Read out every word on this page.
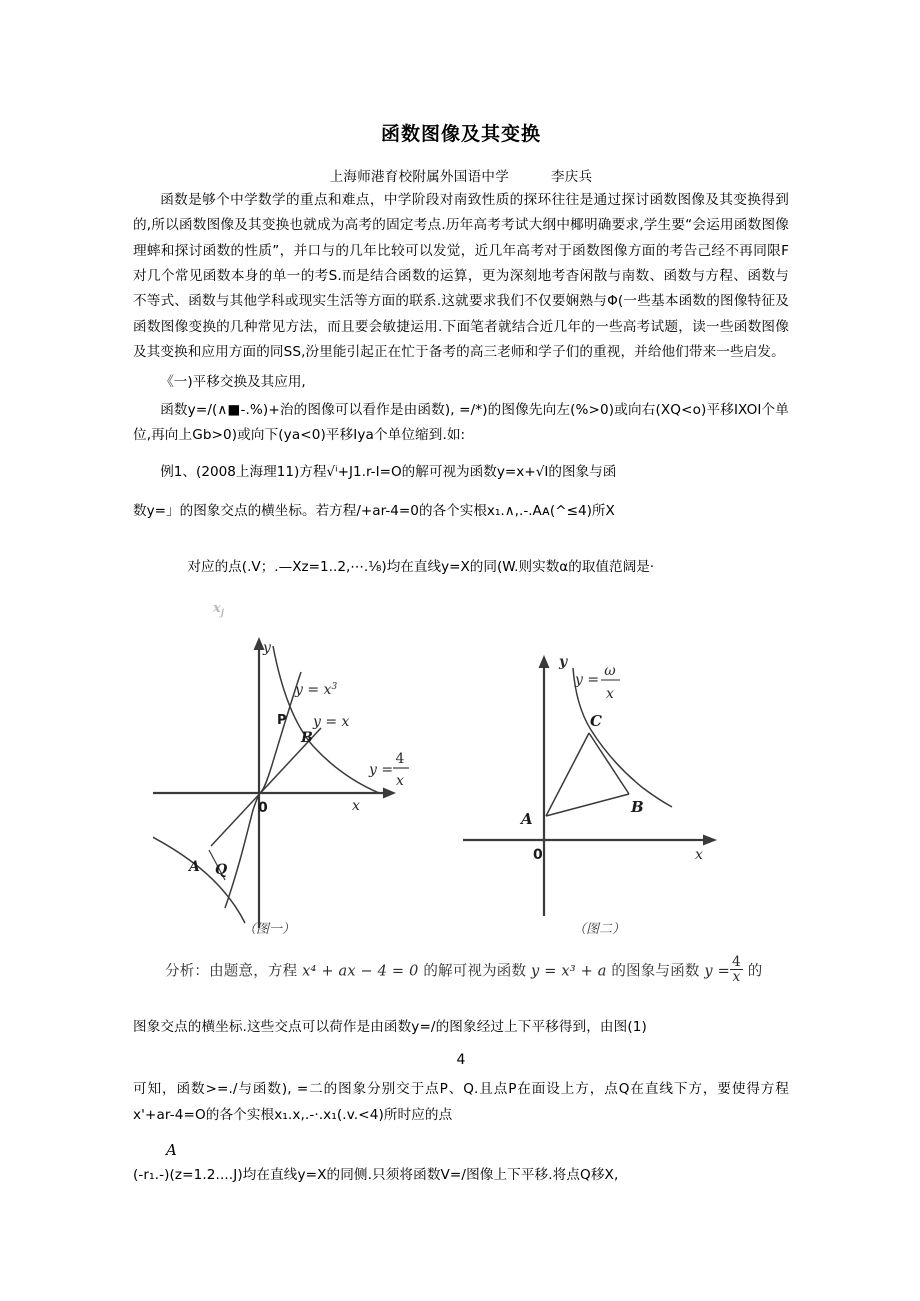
函数图像及其变换
上海师港育校附属外国语中学	李庆兵

函数是够个中学数学的重点和难点，中学阶段对南致性质的探环往往是通过探讨函数图像及其变换得到的,所以函数图像及其变换也就成为高考的固定考点.历年高考考试大纲中椰明确要求,学生要“会运用函数图像理蟀和探讨函数的性质”，并口与的几年比较可以发觉，近几年高考对于函数图像方面的考告己经不再同限F对几个常见函数本身的单一的考S.而是结合函数的运算，更为深刻地考杳闲散与南数、函数与方程、函数与不等式、函数与其他学科或现实生活等方面的联系.这就要求我们不仅要娴熟与Φ(一些基本函数的图像特征及函数图像变换的几种常见方法，而且要会敏捷运用.下面笔者就结合近几年的一些高考试题，读一些函数图像及其变换和应用方面的同SS,汾里能引起正在忙于备考的高三老师和学子们的重视，并给他们带来一些启发。

《一)平移交换及其应用,

函数y=/(∧■-.%)+治的图像可以看作是由函数), =/*)的图像先向左(%>0)或向右(XQ<o)平移IXOI个单位,再向上Gb>0)或向下(ya<0)平移Iyа个单位缩到.如:

例1、(2008上海理11)方程√ⁱ+J1.r-I=O的解可视为函数y=x+√I的图象与函

数y=」的图象交点的横坐标。若方程/+ar-4=0的各个实根x₁.∧,.-.Aᴀ(^≤4)所X

对应的点(.V；.—Xz=1..2,⋯.⅛)均在直线y=X的同(W.则实数α的取值范阔是·

$x_j$
y
x
0
$y = x^3$
y = x
y =
4
x
P
B
A Q
（图一）
y
x
0
y =
ω
x
C
A
B
（图二）
分析：由题意，方程 x⁴ + ax − 4 = 0 的解可视为函数 y = x³ + a 的图象与函数 $y = \frac{4}{x}$ 的

图象交点的横坐标.这些交点可以荷作是由函数y=/的图象经过上下平移得到，由图(1)

4

可知，函数>=./与函数), =二的图象分别交于点P、Q.且点P在面设上方，点Q在直线下方，要使得方程x'+ar-4=O的各个实根x₁.x,.-·.x₁(.v.<4)所时应的点

A

(-r₁.-)(z=1.2....J)均在直线y=X的同侧.只须将函数V=/图像上下平移.将点Q移X,
